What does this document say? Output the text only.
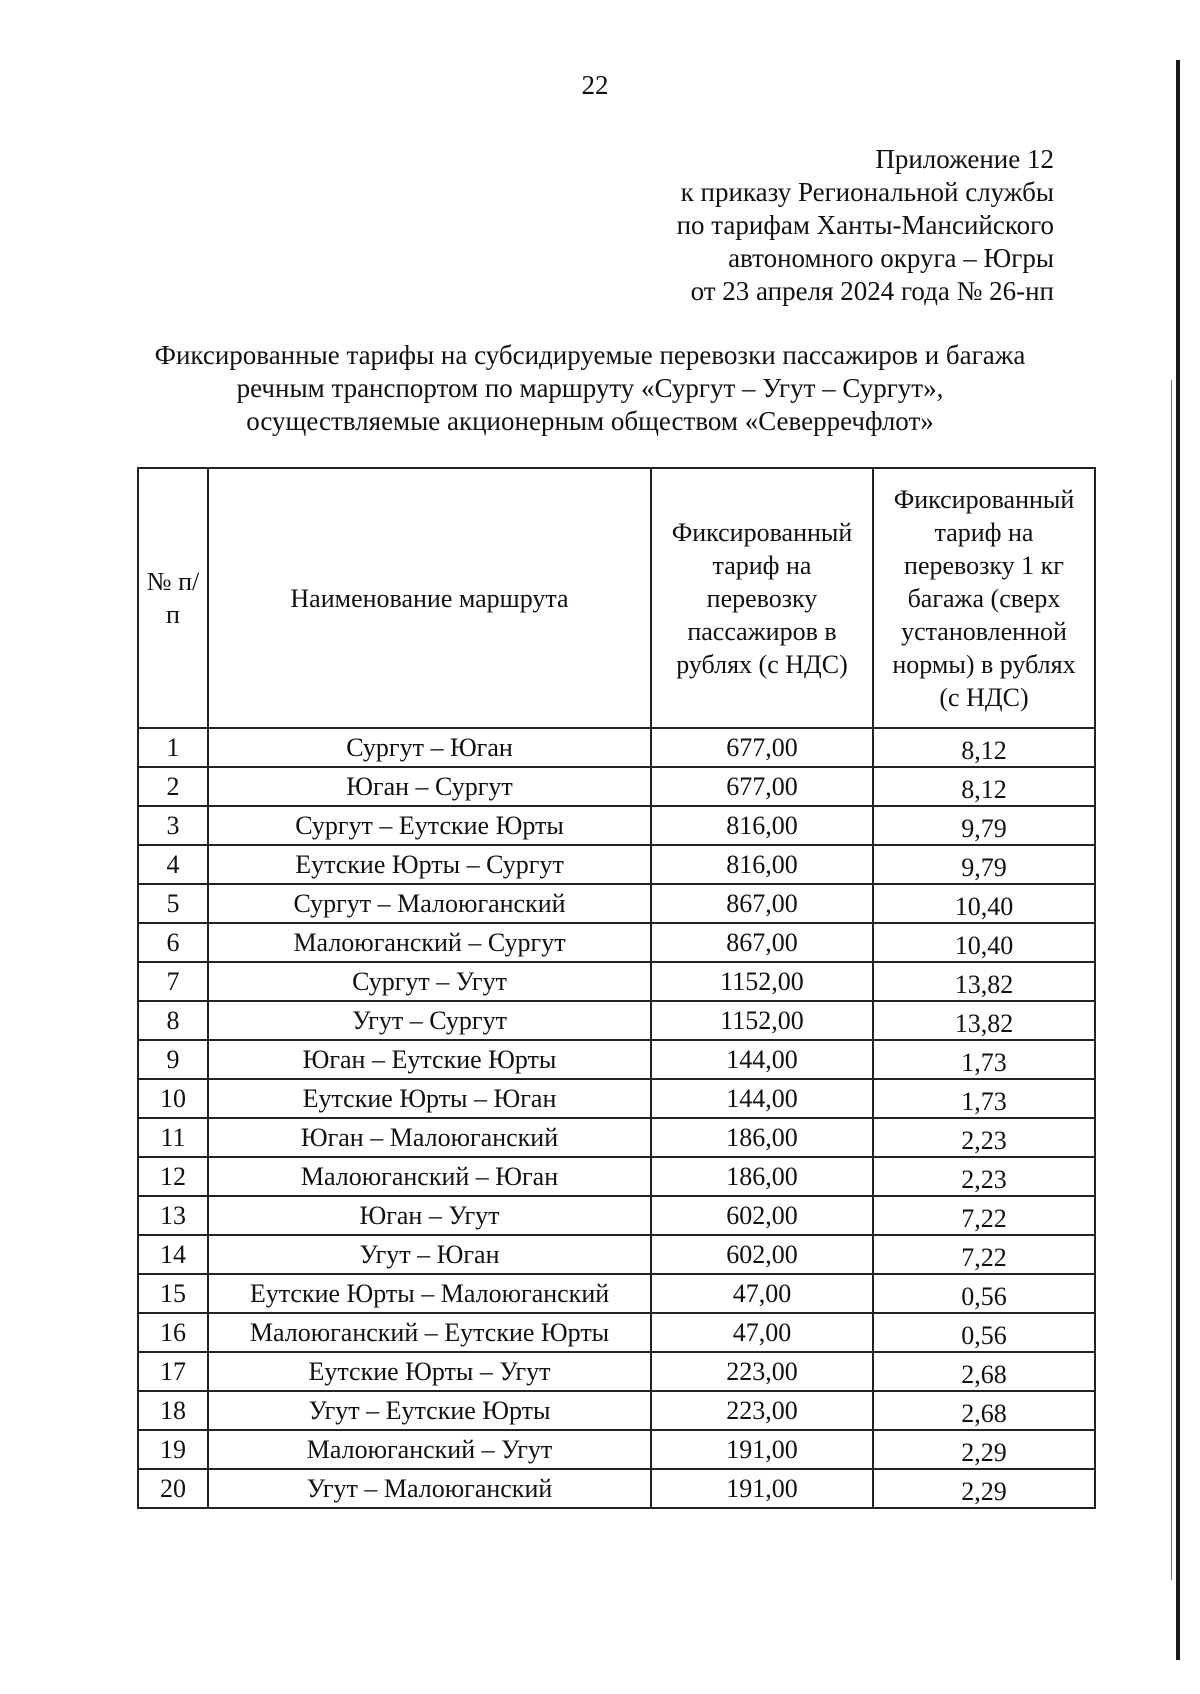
22
Приложение 12
к приказу Региональной службы
по тарифам Ханты-Мансийского
автономного округа – Югры
от 23 апреля 2024 года № 26-нп
Фиксированные тарифы на субсидируемые перевозки пассажиров и багажа
речным транспортом по маршруту «Сургут – Угут – Сургут»,
осуществляемые акционерным обществом «Северречфлот»
№ п/п	Наименование маршрута	Фиксированный тариф на перевозку пассажиров в рублях (с НДС)	Фиксированный тариф на перевозку 1 кг багажа (сверх установленной нормы) в рублях (с НДС)

1	Сургут – Юган	677,00	8,12
2	Юган – Сургут	677,00	8,12
3	Сургут – Еутские Юрты	816,00	9,79
4	Еутские Юрты – Сургут	816,00	9,79
5	Сургут – Малоюганский	867,00	10,40
6	Малоюганский – Сургут	867,00	10,40
7	Сургут – Угут	1152,00	13,82
8	Угут – Сургут	1152,00	13,82
9	Юган – Еутские Юрты	144,00	1,73
10	Еутские Юрты – Юган	144,00	1,73
11	Юган – Малоюганский	186,00	2,23
12	Малоюганский – Юган	186,00	2,23
13	Юган – Угут	602,00	7,22
14	Угут – Юган	602,00	7,22
15	Еутские Юрты – Малоюганский	47,00	0,56
16	Малоюганский – Еутские Юрты	47,00	0,56
17	Еутские Юрты – Угут	223,00	2,68
18	Угут – Еутские Юрты	223,00	2,68
19	Малоюганский – Угут	191,00	2,29
20	Угут – Малоюганский	191,00	2,29
